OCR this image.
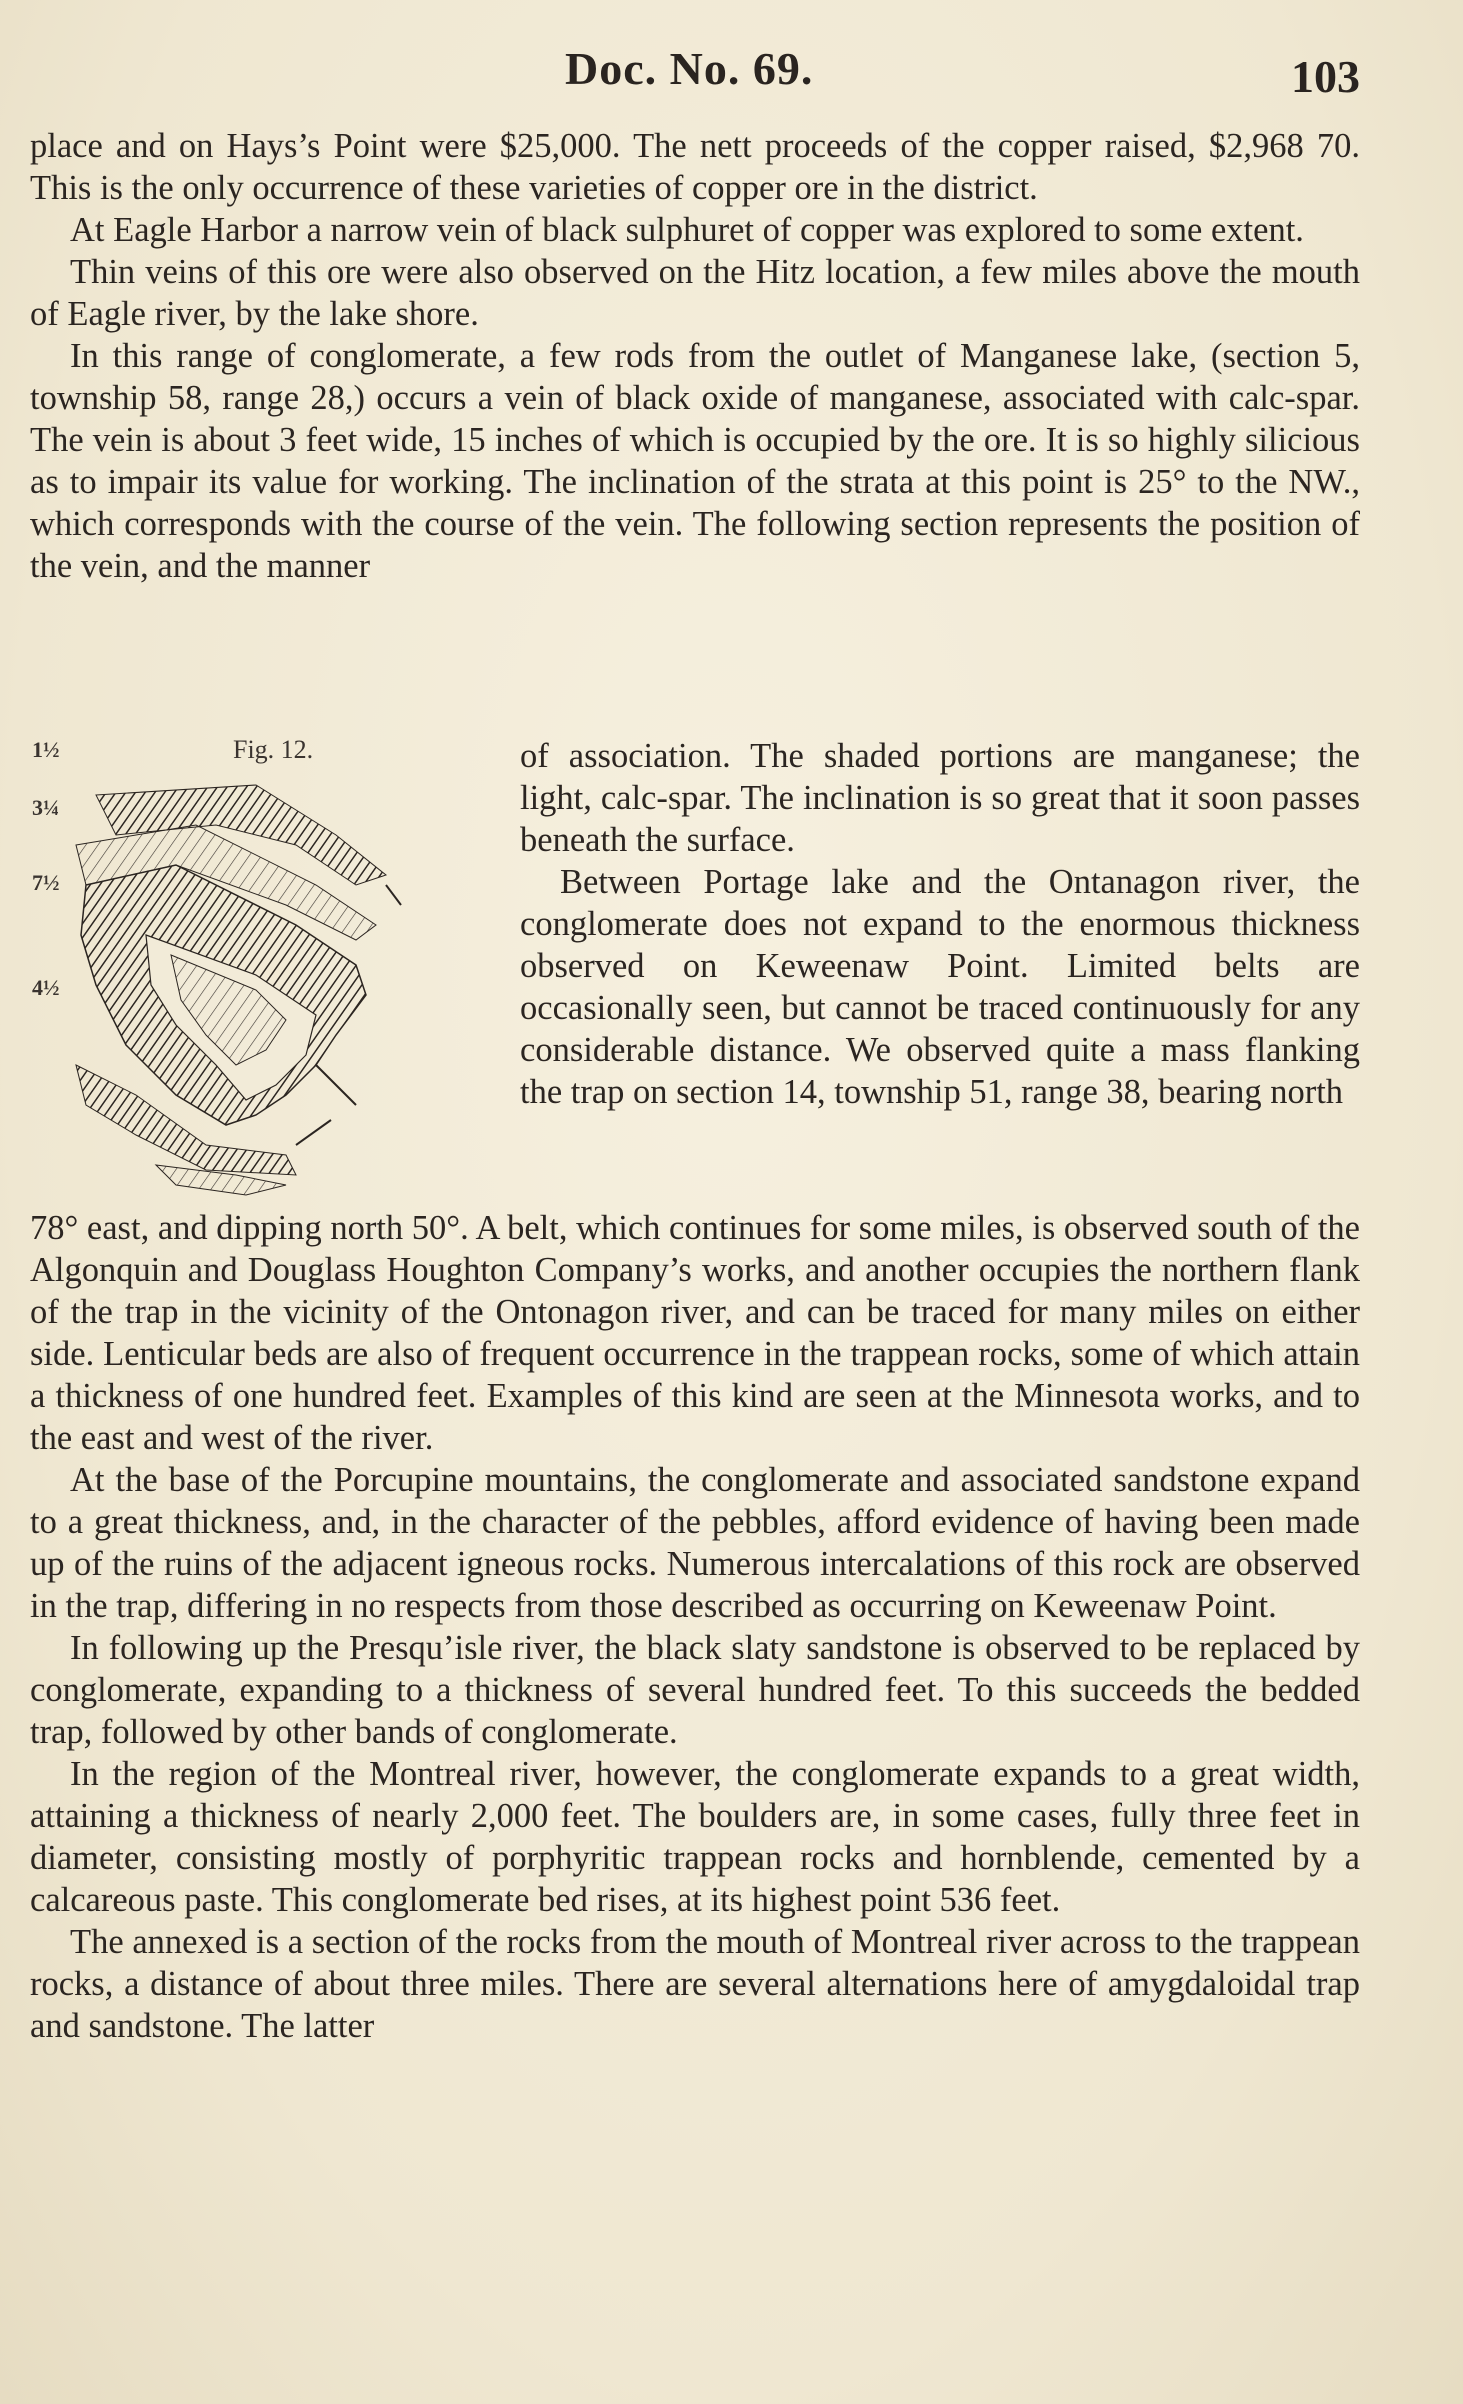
Doc. No. 69.	103

place and on Hays’s Point were $25,000. The nett proceeds of the copper raised, $2,968 70. This is the only occurrence of these varieties of copper ore in the district.

At Eagle Harbor a narrow vein of black sulphuret of copper was explored to some extent.

Thin veins of this ore were also observed on the Hitz location, a few miles above the mouth of Eagle river, by the lake shore.

In this range of conglomerate, a few rods from the outlet of Manganese lake, (section 5, township 58, range 28,) occurs a vein of black oxide of manganese, associated with calc-spar. The vein is about 3 feet wide, 15 inches of which is occupied by the ore. It is so highly silicious as to impair its value for working. The inclination of the strata at this point is 25° to the NW., which corresponds with the course of the vein. The following section represents the position of the vein, and the manner

Fig. 12.
1½
3¼
7½
4½

of association. The shaded portions are manganese; the light, calc-spar. The inclination is so great that it soon passes beneath the surface.

Between Portage lake and the Ontanagon river, the conglomerate does not expand to the enormous thickness observed on Keweenaw Point. Limited belts are occasionally seen, but cannot be traced continuously for any considerable distance. We observed quite a mass flanking the trap on section 14, township 51, range 38, bearing north

78° east, and dipping north 50°. A belt, which continues for some miles, is observed south of the Algonquin and Douglass Houghton Company’s works, and another occupies the northern flank of the trap in the vicinity of the Ontonagon river, and can be traced for many miles on either side. Lenticular beds are also of frequent occurrence in the trappean rocks, some of which attain a thickness of one hundred feet. Examples of this kind are seen at the Minnesota works, and to the east and west of the river.

At the base of the Porcupine mountains, the conglomerate and associated sandstone expand to a great thickness, and, in the character of the pebbles, afford evidence of having been made up of the ruins of the adjacent igneous rocks. Numerous intercalations of this rock are observed in the trap, differing in no respects from those described as occurring on Keweenaw Point.

In following up the Presqu’isle river, the black slaty sandstone is observed to be replaced by conglomerate, expanding to a thickness of several hundred feet. To this succeeds the bedded trap, followed by other bands of conglomerate.

In the region of the Montreal river, however, the conglomerate expands to a great width, attaining a thickness of nearly 2,000 feet. The boulders are, in some cases, fully three feet in diameter, consisting mostly of porphyritic trappean rocks and hornblende, cemented by a calcareous paste. This conglomerate bed rises, at its highest point 536 feet.

The annexed is a section of the rocks from the mouth of Montreal river across to the trappean rocks, a distance of about three miles. There are several alternations here of amygdaloidal trap and sandstone. The latter
